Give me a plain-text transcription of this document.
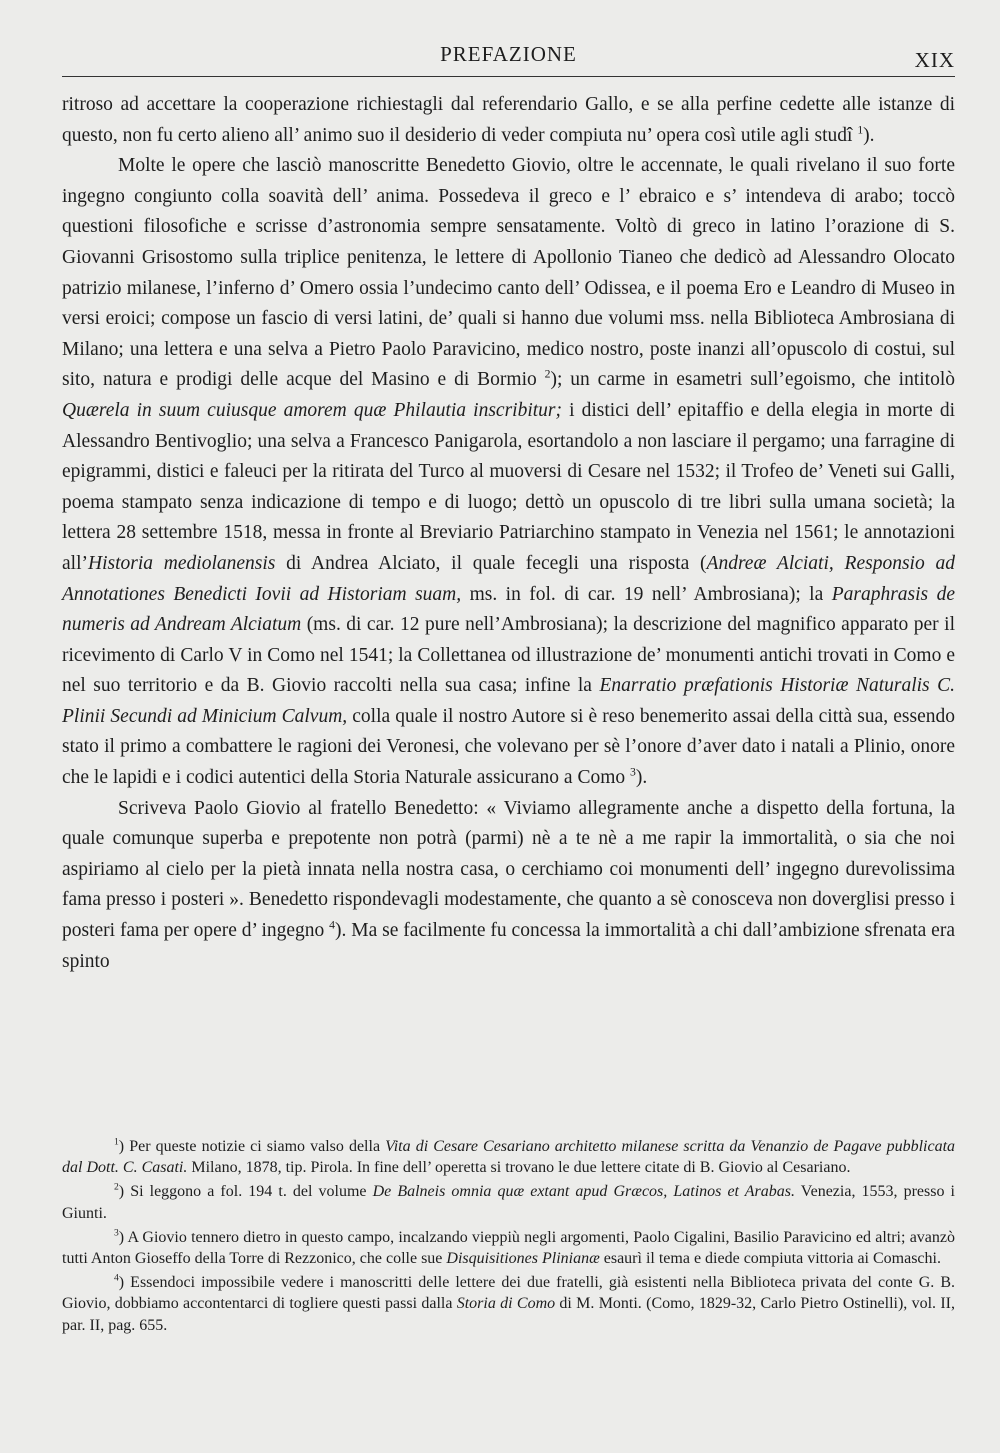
PREFAZIONE	XIX

ritroso ad accettare la cooperazione richiestagli dal referendario Gallo, e se alla perfine cedette alle istanze di questo, non fu certo alieno all’ animo suo il desiderio di veder compiuta nu’ opera così utile agli studî $^1$).

Molte le opere che lasciò manoscritte Benedetto Giovio, oltre le accennate, le quali rivelano il suo forte ingegno congiunto colla soavità dell’ anima. Possedeva il greco e l’ ebraico e s’ intendeva di arabo; toccò questioni filosofiche e scrisse d’astronomia sempre sensatamente. Voltò di greco in latino l’orazione di S. Giovanni Grisostomo sulla triplice penitenza, le lettere di Apollonio Tianeo che dedicò ad Alessandro Olocato patrizio milanese, l’inferno d’ Omero ossia l’undecimo canto dell’ Odissea, e il poema Ero e Leandro di Museo in versi eroici; compose un fascio di versi latini, de’ quali si hanno due volumi mss. nella Biblioteca Ambrosiana di Milano; una lettera e una selva a Pietro Paolo Paravicino, medico nostro, poste inanzi all’opuscolo di costui, sul sito, natura e prodigi delle acque del Masino e di Bormio $^2$); un carme in esametri sull’egoismo, che intitolò Quærela in suum cuiusque amorem quæ Philautia inscribitur; i distici dell’ epitaffio e della elegia in morte di Alessandro Bentivoglio; una selva a Francesco Panigarola, esortandolo a non lasciare il pergamo; una farragine di epigrammi, distici e faleuci per la ritirata del Turco al muoversi di Cesare nel 1532; il Trofeo de’ Veneti sui Galli, poema stampato senza indicazione di tempo e di luogo; dettò un opuscolo di tre libri sulla umana società; la lettera 28 settembre 1518, messa in fronte al Breviario Patriarchino stampato in Venezia nel 1561; le annotazioni all’Historia mediolanensis di Andrea Alciato, il quale fecegli una risposta (Andreæ Alciati, Responsio ad Annotationes Benedicti Iovii ad Historiam suam, ms. in fol. di car. 19 nell’ Ambrosiana); la Paraphrasis de numeris ad Andream Alciatum (ms. di car. 12 pure nell’Ambrosiana); la descrizione del magnifico apparato per il ricevimento di Carlo V in Como nel 1541; la Collettanea od illustrazione de’ monumenti antichi trovati in Como e nel suo territorio e da B. Giovio raccolti nella sua casa; infine la Enarratio præfationis Historiæ Naturalis C. Plinii Secundi ad Minicium Calvum, colla quale il nostro Autore si è reso benemerito assai della città sua, essendo stato il primo a combattere le ragioni dei Veronesi, che volevano per sè l’onore d’aver dato i natali a Plinio, onore che le lapidi e i codici autentici della Storia Naturale assicurano a Como $^3$).

Scriveva Paolo Giovio al fratello Benedetto: « Viviamo allegramente anche a dispetto della fortuna, la quale comunque superba e prepotente non potrà (parmi) nè a te nè a me rapir la immortalità, o sia che noi aspiriamo al cielo per la pietà innata nella nostra casa, o cerchiamo coi monumenti dell’ ingegno durevolissima fama presso i posteri ». Benedetto rispondevagli modestamente, che quanto a sè conosceva non doverglisi presso i posteri fama per opere d’ ingegno $^4$). Ma se facilmente fu concessa la immortalità a chi dall’ambizione sfrenata era spinto

$^1$) Per queste notizie ci siamo valso della Vita di Cesare Cesariano architetto milanese scritta da Venanzio de Pagave pubblicata dal Dott. C. Casati. Milano, 1878, tip. Pirola. In fine dell’ operetta si trovano le due lettere citate di B. Giovio al Cesariano.

$^2$) Si leggono a fol. 194 t. del volume De Balneis omnia quæ extant apud Græcos, Latinos et Arabas. Venezia, 1553, presso i Giunti.

$^3$) A Giovio tennero dietro in questo campo, incalzando vieppiù negli argomenti, Paolo Cigalini, Basilio Paravicino ed altri; avanzò tutti Anton Gioseffo della Torre di Rezzonico, che colle sue Disquisitiones Plinianæ esaurì il tema e diede compiuta vittoria ai Comaschi.

$^4$) Essendoci impossibile vedere i manoscritti delle lettere dei due fratelli, già esistenti nella Biblioteca privata del conte G. B. Giovio, dobbiamo accontentarci di togliere questi passi dalla Storia di Como di M. Monti. (Como, 1829-32, Carlo Pietro Ostinelli), vol. II, par. II, pag. 655.
